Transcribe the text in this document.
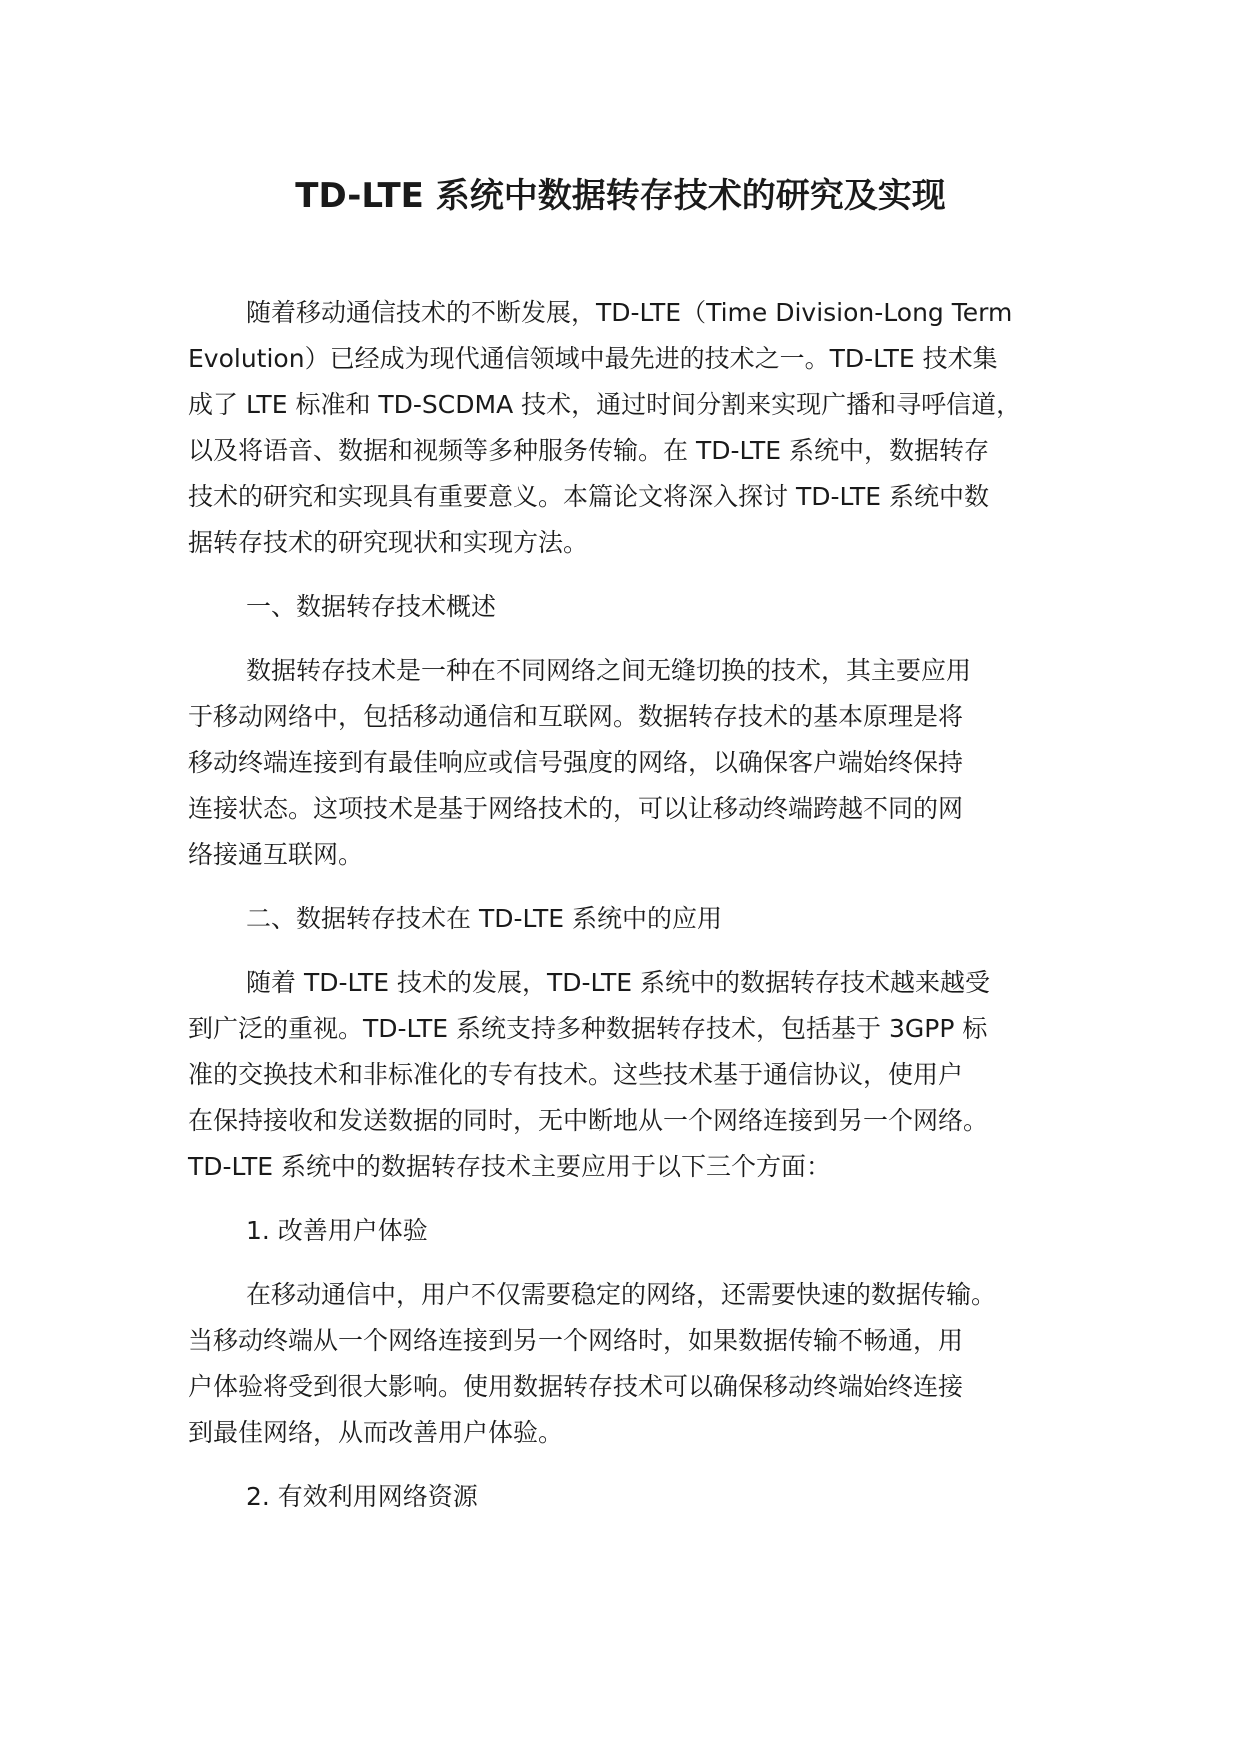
TD-LTE 系统中数据转存技术的研究及实现
随着移动通信技术的不断发展，TD-LTE（Time Division-Long Term
Evolution）已经成为现代通信领域中最先进的技术之一。TD-LTE 技术集
成了 LTE 标准和 TD-SCDMA 技术，通过时间分割来实现广播和寻呼信道，
以及将语音、数据和视频等多种服务传输。在 TD-LTE 系统中，数据转存
技术的研究和实现具有重要意义。本篇论文将深入探讨 TD-LTE 系统中数
据转存技术的研究现状和实现方法。
一、数据转存技术概述
数据转存技术是一种在不同网络之间无缝切换的技术，其主要应用
于移动网络中，包括移动通信和互联网。数据转存技术的基本原理是将
移动终端连接到有最佳响应或信号强度的网络，以确保客户端始终保持
连接状态。这项技术是基于网络技术的，可以让移动终端跨越不同的网
络接通互联网。
二、数据转存技术在 TD-LTE 系统中的应用
随着 TD-LTE 技术的发展，TD-LTE 系统中的数据转存技术越来越受
到广泛的重视。TD-LTE 系统支持多种数据转存技术，包括基于 3GPP 标
准的交换技术和非标准化的专有技术。这些技术基于通信协议，使用户
在保持接收和发送数据的同时，无中断地从一个网络连接到另一个网络。
TD-LTE 系统中的数据转存技术主要应用于以下三个方面：
1. 改善用户体验
在移动通信中，用户不仅需要稳定的网络，还需要快速的数据传输。
当移动终端从一个网络连接到另一个网络时，如果数据传输不畅通，用
户体验将受到很大影响。使用数据转存技术可以确保移动终端始终连接
到最佳网络，从而改善用户体验。
2. 有效利用网络资源
